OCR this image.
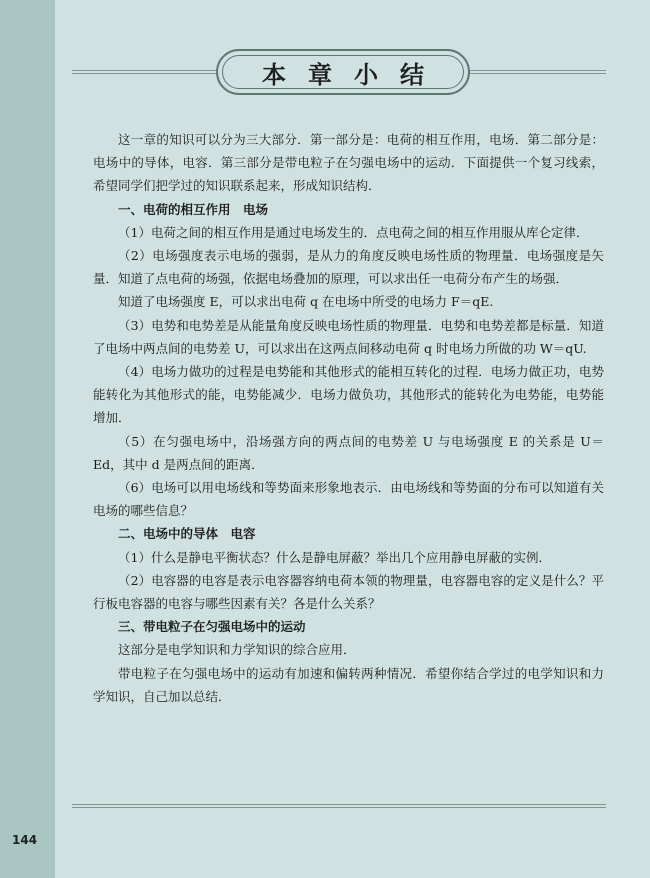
144
本章小结

这一章的知识可以分为三大部分．第一部分是：电荷的相互作用，电场．第二部分是：电场中的导体，电容．第三部分是带电粒子在匀强电场中的运动．下面提供一个复习线索，希望同学们把学过的知识联系起来，形成知识结构．

一、电荷的相互作用　电场

（1）电荷之间的相互作用是通过电场发生的．点电荷之间的相互作用服从库仑定律．

（2）电场强度表示电场的强弱，是从力的角度反映电场性质的物理量．电场强度是矢量．知道了点电荷的场强，依据电场叠加的原理，可以求出任一电荷分布产生的场强．

知道了电场强度 E，可以求出电荷 q 在电场中所受的电场力 F＝qE.

（3）电势和电势差是从能量角度反映电场性质的物理量．电势和电势差都是标量．知道了电场中两点间的电势差 U，可以求出在这两点间移动电荷 q 时电场力所做的功 W＝qU.

（4）电场力做功的过程是电势能和其他形式的能相互转化的过程．电场力做正功，电势能转化为其他形式的能，电势能减少．电场力做负功，其他形式的能转化为电势能，电势能增加．

（5）在匀强电场中，沿场强方向的两点间的电势差 U 与电场强度 E 的关系是 U＝Ed，其中 d 是两点间的距离．

（6）电场可以用电场线和等势面来形象地表示．由电场线和等势面的分布可以知道有关电场的哪些信息？

二、电场中的导体　电容

（1）什么是静电平衡状态？什么是静电屏蔽？举出几个应用静电屏蔽的实例．

（2）电容器的电容是表示电容器容纳电荷本领的物理量，电容器电容的定义是什么？平行板电容器的电容与哪些因素有关？各是什么关系？

三、带电粒子在匀强电场中的运动

这部分是电学知识和力学知识的综合应用．

带电粒子在匀强电场中的运动有加速和偏转两种情况．希望你结合学过的电学知识和力学知识，自己加以总结．
